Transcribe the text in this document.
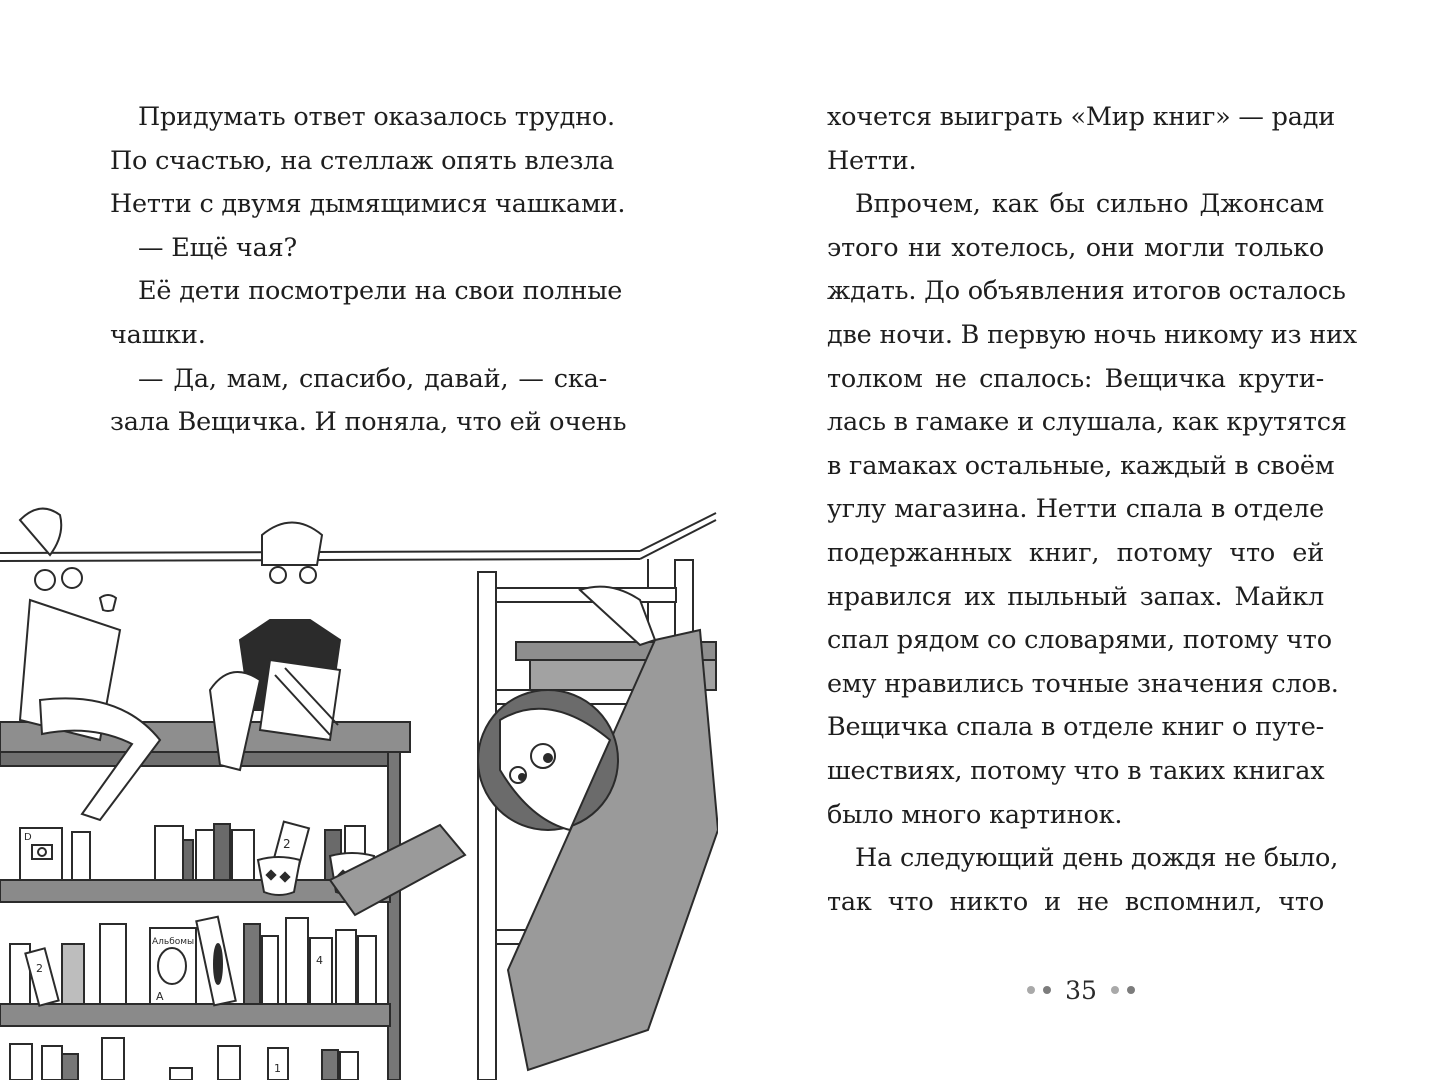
Придумать ответ оказалось трудно.
По счастью, на стеллаж опять влезла
Нетти с двумя дымящимися чашками.
— Ещё чая?
Её дети посмотрели на свои полные
чашки.
— Да, мам, спасибо, давай, — ска-
зала Вещичка. И поняла, что ей очень
D	2
2
Альбомы
A
4
1
хочется выиграть «Мир книг» — ради
Нетти.
Впрочем, как бы сильно Джонсам
этого ни хотелось, они могли только
ждать. До объявления итогов осталось
две ночи. В первую ночь никому из них
толком не спалось: Вещичка крути-
лась в гамаке и слушала, как крутятся
в гамаках остальные, каждый в своём
углу магазина. Нетти спала в отделе
подержанных книг, потому что ей
нравился их пыльный запах. Майкл
спал рядом со словарями, потому что
ему нравились точные значения слов.
Вещичка спала в отделе книг о путе-
шествиях, потому что в таких книгах
было много картинок.
На следующий день дождя не было,
так что никто и не вспомнил, что
35
